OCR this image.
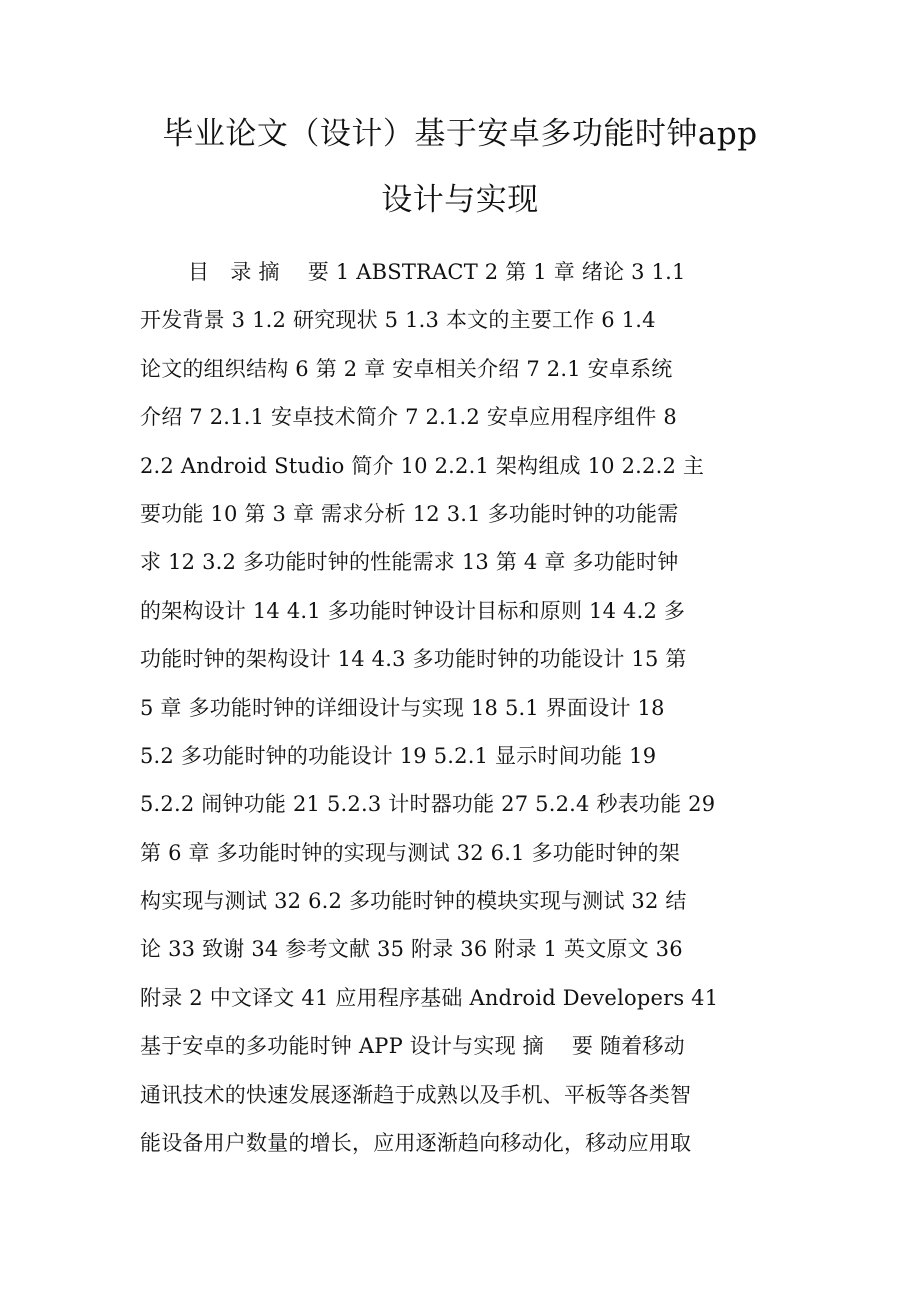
毕业论文（设计）基于安卓多功能时钟app
设计与实现
目　录 摘　 要 1 ABSTRACT 2 第 1 章 绪论 3 1.1
开发背景 3 1.2 研究现状 5 1.3 本文的主要工作 6 1.4
论文的组织结构 6 第 2 章 安卓相关介绍 7 2.1 安卓系统
介绍 7 2.1.1 安卓技术简介 7 2.1.2 安卓应用程序组件 8
2.2 Android Studio 简介 10 2.2.1 架构组成 10 2.2.2 主
要功能 10 第 3 章 需求分析 12 3.1 多功能时钟的功能需
求 12 3.2 多功能时钟的性能需求 13 第 4 章 多功能时钟
的架构设计 14 4.1 多功能时钟设计目标和原则 14 4.2 多
功能时钟的架构设计 14 4.3 多功能时钟的功能设计 15 第
5 章 多功能时钟的详细设计与实现 18 5.1 界面设计 18
5.2 多功能时钟的功能设计 19 5.2.1 显示时间功能 19
5.2.2 闹钟功能 21 5.2.3 计时器功能 27 5.2.4 秒表功能 29
第 6 章 多功能时钟的实现与测试 32 6.1 多功能时钟的架
构实现与测试 32 6.2 多功能时钟的模块实现与测试 32 结
论 33 致谢 34 参考文献 35 附录 36 附录 1 英文原文 36
附录 2 中文译文 41 应用程序基础 Android Developers 41
基于安卓的多功能时钟 APP 设计与实现 摘　 要 随着移动
通讯技术的快速发展逐渐趋于成熟以及手机、平板等各类智
能设备用户数量的增长，应用逐渐趋向移动化，移动应用取
